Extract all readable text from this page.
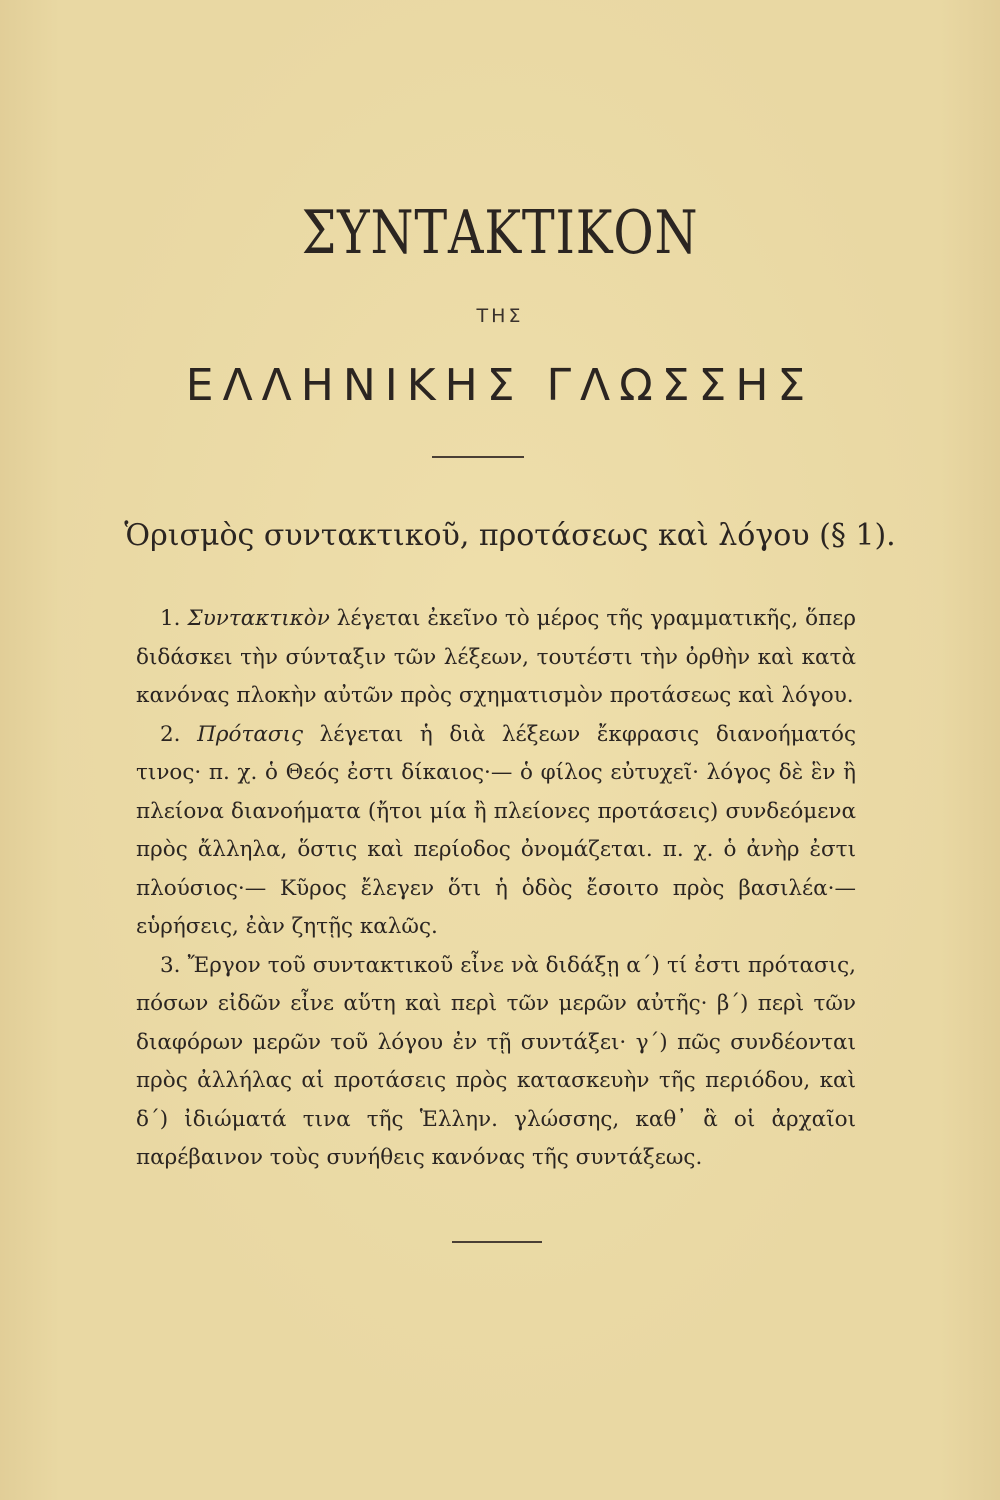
ΣΥΝΤΑΚΤΙΚΟΝ
ΤΗΣ
ΕΛΛΗΝΙΚΗΣ ΓΛΩΣΣΗΣ
Ὁρισμὸς συντακτικοῦ, προτάσεως καὶ λόγου (§ 1).

1. Συντακτικὸν λέγεται ἐκεῖνο τὸ μέρος τῆς γραμματικῆς, ὅπερ διδάσκει τὴν σύνταξιν τῶν λέξεων, τουτέστι τὴν ὀρθὴν καὶ κατὰ κανόνας πλοκὴν αὐτῶν πρὸς σχηματισμὸν προτάσεως καὶ λόγου.

2. Πρότασις λέγεται ἡ διὰ λέξεων ἔκφρασις διανοήματός τινος· π. χ. ὁ Θεός ἐστι δίκαιος·— ὁ φίλος εὐτυχεῖ· λόγος δὲ ἓν ἢ πλείονα διανοήματα (ἤτοι μία ἢ πλείονες προτάσεις) συνδεόμενα πρὸς ἄλληλα, ὅστις καὶ περίοδος ὀνομάζεται. π. χ. ὁ ἀνὴρ ἐστι πλούσιος·— Κῦρος ἔλεγεν ὅτι ἡ ὁδὸς ἔσοιτο πρὸς βασιλέα·— εὑρήσεις, ἐὰν ζητῇς καλῶς.

3. Ἔργον τοῦ συντακτικοῦ εἶνε νὰ διδάξῃ α΄) τί ἐστι πρότασις, πόσων εἰδῶν εἶνε αὕτη καὶ περὶ τῶν μερῶν αὐτῆς· β΄) περὶ τῶν διαφόρων μερῶν τοῦ λόγου ἐν τῇ συντάξει· γ΄) πῶς συνδέονται πρὸς ἀλλήλας αἱ προτάσεις πρὸς κατασκευὴν τῆς περιόδου, καὶ δ΄) ἰδιώματά τινα τῆς Ἑλλην. γλώσσης, καθ᾽ ἃ οἱ ἀρχαῖοι παρέβαινον τοὺς συνήθεις κανόνας τῆς συντάξεως.
